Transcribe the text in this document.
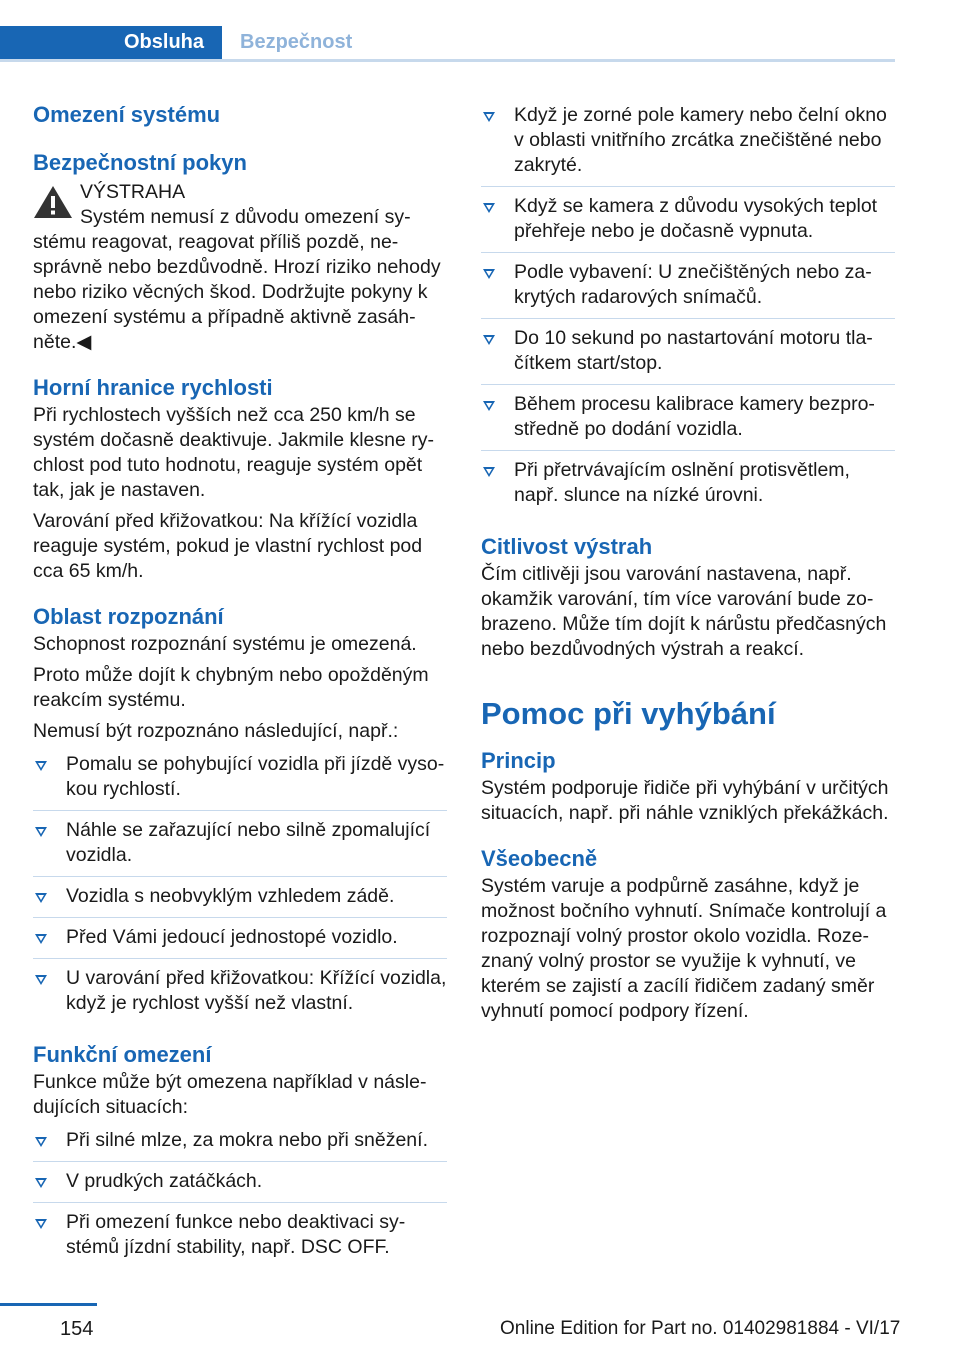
Obsluha	Bezpečnost
Omezení systému
Bezpečnostní pokyn
VÝSTRAHA

Systém nemusí z důvodu omezení systému reagovat, reagovat příliš pozdě, nesprávně nebo bezdůvodně. Hrozí riziko nehody nebo riziko věcných škod. Dodržujte pokyny k omezení systému a případně aktivně zasáhněte.◀

Horní hranice rychlosti

Při rychlostech vyšších než cca 250 km/h se systém dočasně deaktivuje. Jakmile klesne rychlost pod tuto hodnotu, reaguje systém opět tak, jak je nastaven.

Varování před křižovatkou: Na křížící vozidla reaguje systém, pokud je vlastní rychlost pod cca 65 km/h.

Oblast rozpoznání

Schopnost rozpoznání systému je omezená.

Proto může dojít k chybným nebo opožděným reakcím systému.

Nemusí být rozpoznáno následující, např.:

Pomalu se pohybující vozidla při jízdě vysokou rychlostí.
Náhle se zařazující nebo silně zpomalující vozidla.
Vozidla s neobvyklým vzhledem zádě.
Před Vámi jedoucí jednostopé vozidlo.
U varování před křižovatkou: Křížící vozidla, když je rychlost vyšší než vlastní.
Funkční omezení

Funkce může být omezena například v následujících situacích:

Při silné mlze, za mokra nebo při sněžení.
V prudkých zatáčkách.
Při omezení funkce nebo deaktivaci systémů jízdní stability, např. DSC OFF.
Když je zorné pole kamery nebo čelní okno v oblasti vnitřního zrcátka znečištěné nebo zakryté.
Když se kamera z důvodu vysokých teplot přehřeje nebo je dočasně vypnuta.
Podle vybavení: U znečištěných nebo zakrytých radarových snímačů.
Do 10 sekund po nastartování motoru tlačítkem start/stop.
Během procesu kalibrace kamery bezprostředně po dodání vozidla.
Při přetrvávajícím oslnění protisvětlem, např. slunce na nízké úrovni.
Citlivost výstrah

Čím citlivěji jsou varování nastavena, např. okamžik varování, tím více varování bude zobrazeno. Může tím dojít k nárůstu předčasných nebo bezdůvodných výstrah a reakcí.

Pomoc při vyhýbání
Princip

Systém podporuje řidiče při vyhýbání v určitých situacích, např. při náhle vzniklých překážkách.

Všeobecně

Systém varuje a podpůrně zasáhne, když je možnost bočního vyhnutí. Snímače kontrolují a rozpoznají volný prostor okolo vozidla. Rozeznaný volný prostor se využije k vyhnutí, ve kterém se zajistí a zacílí řidičem zadaný směr vyhnutí pomocí podpory řízení.

154	Online Edition for Part no. 01402981884 - VI/17
